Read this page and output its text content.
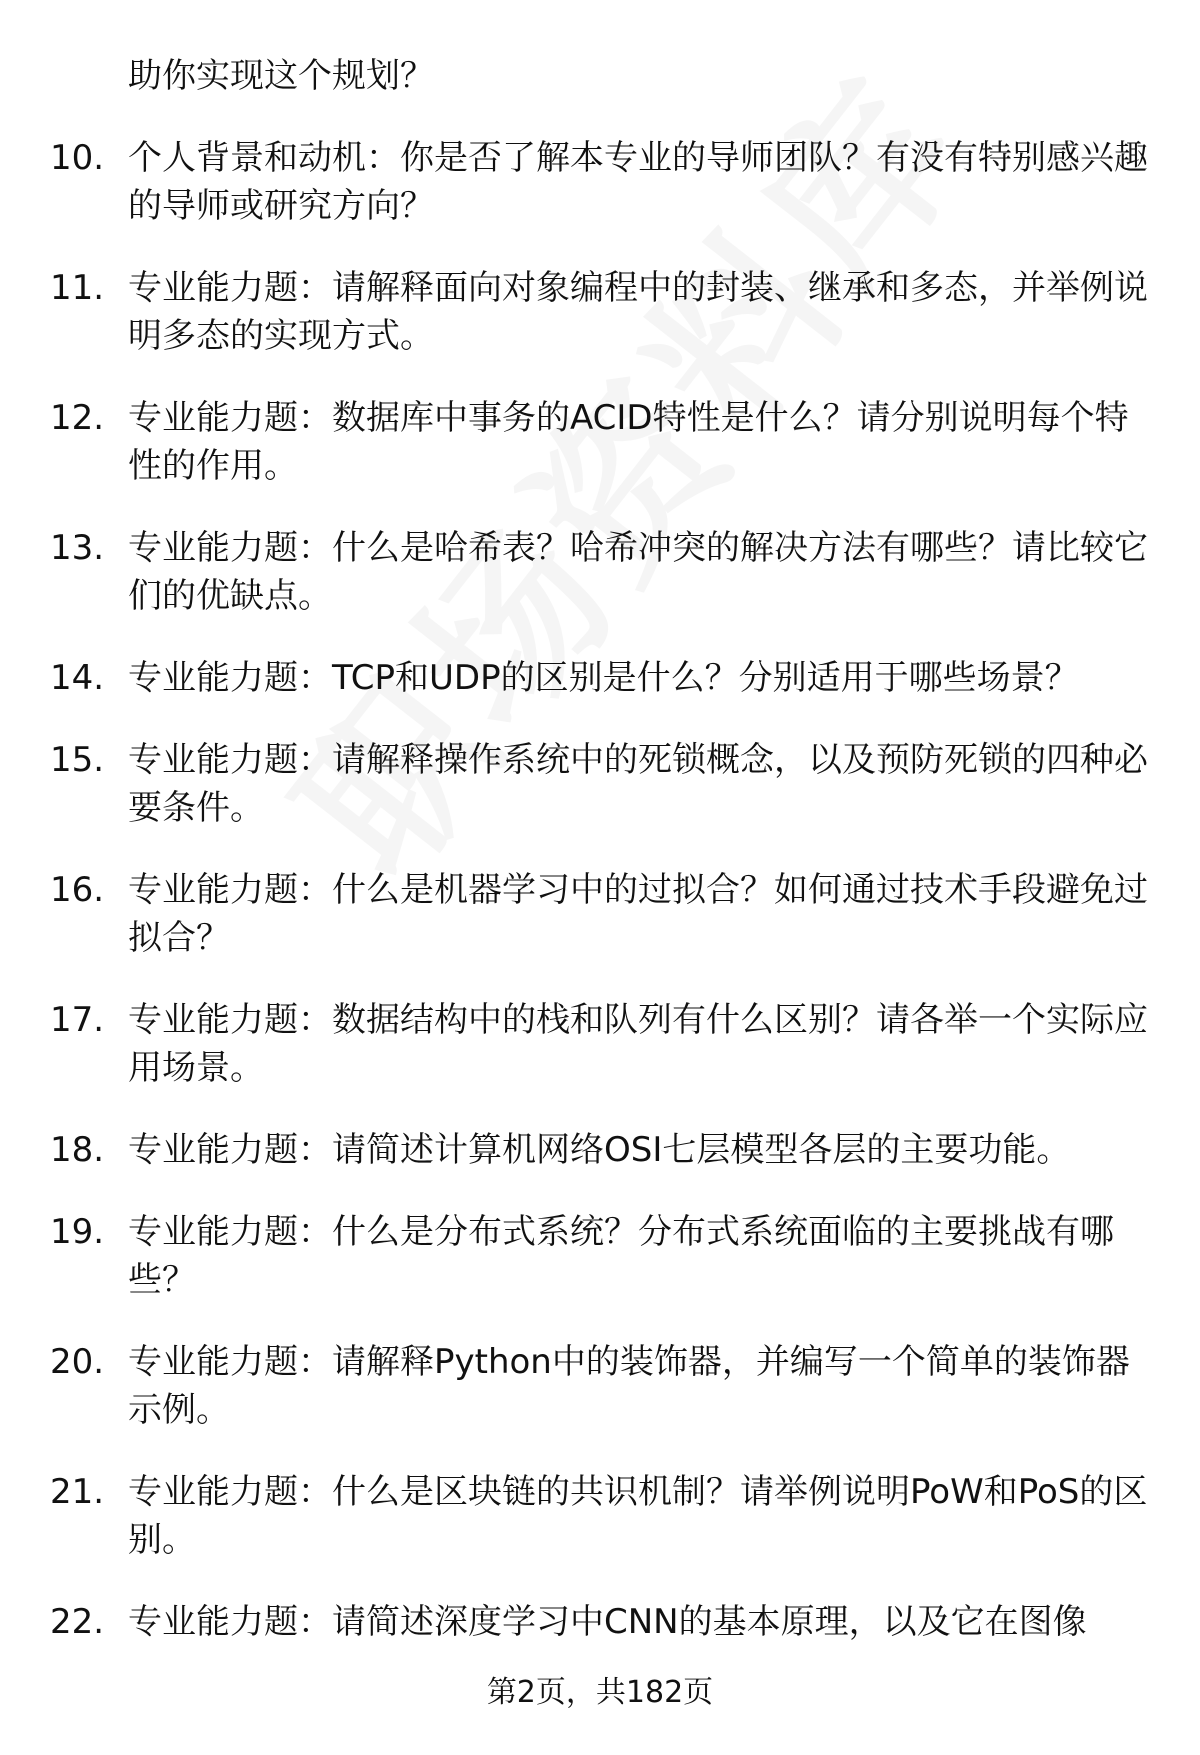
助你实现这个规划？
10. 个人背景和动机：你是否了解本专业的导师团队？有没有特别感兴趣的导师或研究方向？
11. 专业能力题：请解释面向对象编程中的封装、继承和多态，并举例说明多态的实现方式。
12. 专业能力题：数据库中事务的ACID特性是什么？请分别说明每个特性的作用。
13. 专业能力题：什么是哈希表？哈希冲突的解决方法有哪些？请比较它们的优缺点。
14. 专业能力题：TCP和UDP的区别是什么？分别适用于哪些场景？
15. 专业能力题：请解释操作系统中的死锁概念，以及预防死锁的四种必要条件。
16. 专业能力题：什么是机器学习中的过拟合？如何通过技术手段避免过拟合？
17. 专业能力题：数据结构中的栈和队列有什么区别？请各举一个实际应用场景。
18. 专业能力题：请简述计算机网络OSI七层模型各层的主要功能。
19. 专业能力题：什么是分布式系统？分布式系统面临的主要挑战有哪些？
20. 专业能力题：请解释Python中的装饰器，并编写一个简单的装饰器示例。
21. 专业能力题：什么是区块链的共识机制？请举例说明PoW和PoS的区别。
22. 专业能力题：请简述深度学习中CNN的基本原理，以及它在图像
第2页，共182页
